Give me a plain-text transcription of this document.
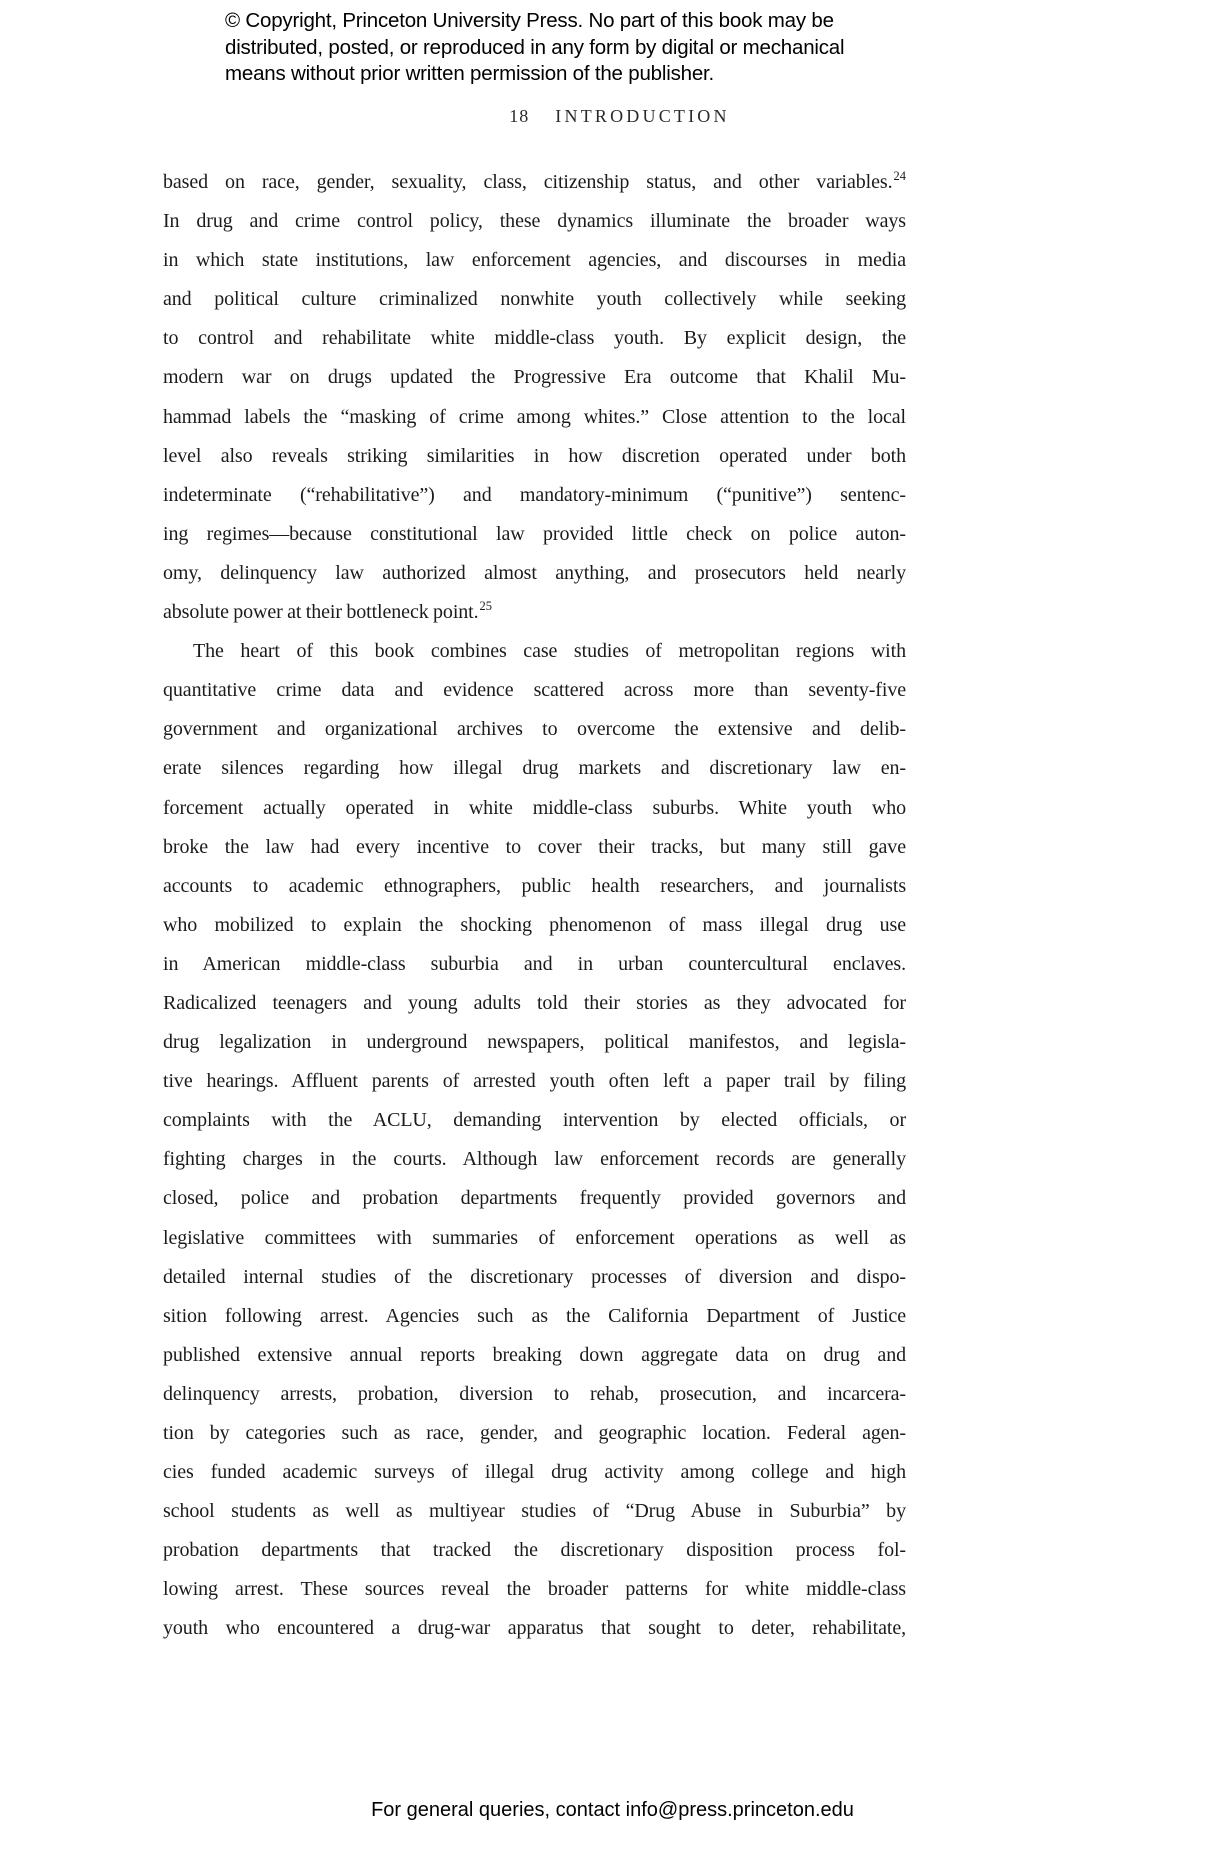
© Copyright, Princeton University Press. No part of this book may be
distributed, posted, or reproduced in any form by digital or mechanical
means without prior written permission of the publisher.
18 INTRODUCTION
based on race, gender, sexuality, class, citizenship status, and other variables.$^{24}$
In drug and crime control policy, these dynamics illuminate the broader ways
in which state institutions, law enforcement agencies, and discourses in media
and political culture criminalized nonwhite youth collectively while seeking
to control and rehabilitate white middle-class youth. By explicit design, the
modern war on drugs updated the Progressive Era outcome that Khalil Mu-
hammad labels the “masking of crime among whites.” Close attention to the local
level also reveals striking similarities in how discretion operated under both
indeterminate (“rehabilitative”) and mandatory-minimum (“punitive”) sentenc-
ing regimes—because constitutional law provided little check on police auton-
omy, delinquency law authorized almost anything, and prosecutors held nearly
absolute power at their bottleneck point.$^{25}$
The heart of this book combines case studies of metropolitan regions with
quantitative crime data and evidence scattered across more than seventy-five
government and organizational archives to overcome the extensive and delib-
erate silences regarding how illegal drug markets and discretionary law en-
forcement actually operated in white middle-class suburbs. White youth who
broke the law had every incentive to cover their tracks, but many still gave
accounts to academic ethnographers, public health researchers, and journalists
who mobilized to explain the shocking phenomenon of mass illegal drug use
in American middle-class suburbia and in urban countercultural enclaves.
Radicalized teenagers and young adults told their stories as they advocated for
drug legalization in underground newspapers, political manifestos, and legisla-
tive hearings. Affluent parents of arrested youth often left a paper trail by filing
complaints with the ACLU, demanding intervention by elected officials, or
fighting charges in the courts. Although law enforcement records are generally
closed, police and probation departments frequently provided governors and
legislative committees with summaries of enforcement operations as well as
detailed internal studies of the discretionary processes of diversion and dispo-
sition following arrest. Agencies such as the California Department of Justice
published extensive annual reports breaking down aggregate data on drug and
delinquency arrests, probation, diversion to rehab, prosecution, and incarcera-
tion by categories such as race, gender, and geographic location. Federal agen-
cies funded academic surveys of illegal drug activity among college and high
school students as well as multiyear studies of “Drug Abuse in Suburbia” by
probation departments that tracked the discretionary disposition process fol-
lowing arrest. These sources reveal the broader patterns for white middle-class
youth who encountered a drug-war apparatus that sought to deter, rehabilitate,
For general queries, contact info@press.princeton.edu
